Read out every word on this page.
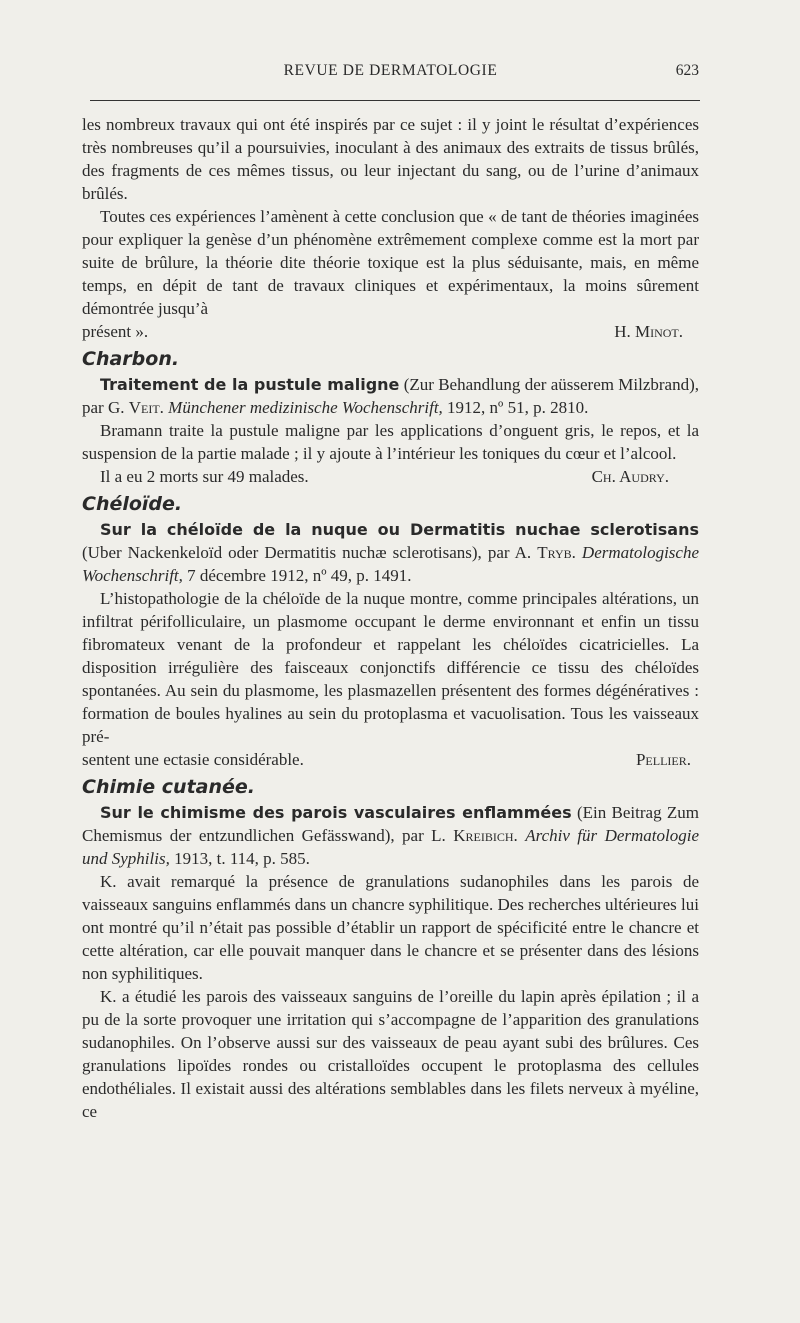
REVUE DE DERMATOLOGIE	623

les nombreux travaux qui ont été inspirés par ce sujet : il y joint le résultat d’expériences très nombreuses qu’il a poursuivies, inoculant à des animaux des extraits de tissus brûlés, des fragments de ces mêmes tissus, ou leur injectant du sang, ou de l’urine d’animaux brûlés.

Toutes ces expériences l’amènent à cette conclusion que « de tant de théories imaginées pour expliquer la genèse d’un phénomène extrêmement complexe comme est la mort par suite de brûlure, la théorie dite théorie toxique est la plus séduisante, mais, en même temps, en dépit de tant de travaux cliniques et expérimentaux, la moins sûrement démontrée jusqu’à

présent ».	H. Minot.
Charbon.

Traitement de la pustule maligne (Zur Behandlung der aüsserem Milzbrand), par G. Veit. Münchener medizinische Wochenschrift, 1912, nº 51, p. 2810.

Bramann traite la pustule maligne par les applications d’onguent gris, le repos, et la suspension de la partie malade ; il y ajoute à l’intérieur les toniques du cœur et l’alcool.

Il a eu 2 morts sur 49 malades.	Ch. Audry.
Chéloïde.

Sur la chéloïde de la nuque ou Dermatitis nuchae sclerotisans (Uber Nackenkeloïd oder Dermatitis nuchæ sclerotisans), par A. Tryb. Dermatologische Wochenschrift, 7 décembre 1912, nº 49, p. 1491.

L’histopathologie de la chéloïde de la nuque montre, comme principales altérations, un infiltrat périfolliculaire, un plasmome occupant le derme environnant et enfin un tissu fibromateux venant de la profondeur et rappelant les chéloïdes cicatricielles. La disposition irrégulière des faisceaux conjonctifs différencie ce tissu des chéloïdes spontanées. Au sein du plasmome, les plasmazellen présentent des formes dégénératives : formation de boules hyalines au sein du protoplasma et vacuolisation. Tous les vaisseaux pré-

sentent une ectasie considérable.	Pellier.
Chimie cutanée.

Sur le chimisme des parois vasculaires enflammées (Ein Beitrag Zum Chemismus der entzundlichen Gefässwand), par L. Kreibich. Archiv für Dermatologie und Syphilis, 1913, t. 114, p. 585.

K. avait remarqué la présence de granulations sudanophiles dans les parois de vaisseaux sanguins enflammés dans un chancre syphilitique. Des recherches ultérieures lui ont montré qu’il n’était pas possible d’établir un rapport de spécificité entre le chancre et cette altération, car elle pouvait manquer dans le chancre et se présenter dans des lésions non syphilitiques.

K. a étudié les parois des vaisseaux sanguins de l’oreille du lapin après épilation ; il a pu de la sorte provoquer une irritation qui s’accompagne de l’apparition des granulations sudanophiles. On l’observe aussi sur des vaisseaux de peau ayant subi des brûlures. Ces granulations lipoïdes rondes ou cristalloïdes occupent le protoplasma des cellules endothéliales. Il existait aussi des altérations semblables dans les filets nerveux à myéline, ce
